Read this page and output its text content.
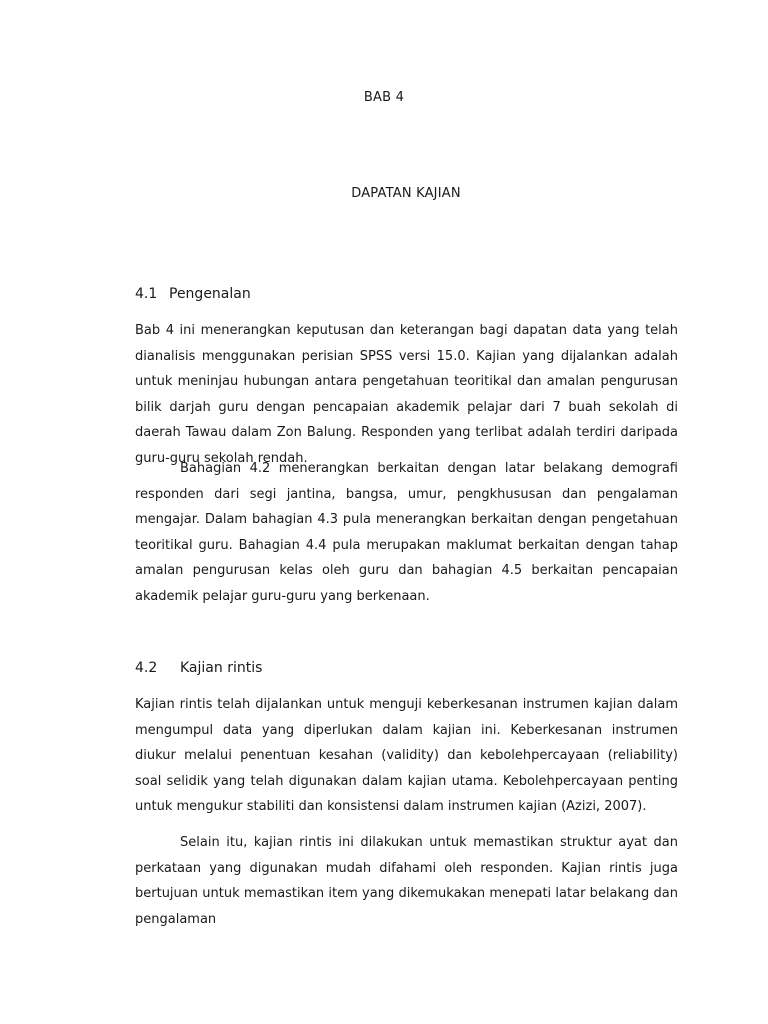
BAB 4

DAPATAN KAJIAN

4.1 Pengenalan

Bab 4 ini menerangkan keputusan dan keterangan bagi dapatan data yang telah dianalisis menggunakan perisian SPSS versi 15.0. Kajian yang dijalankan adalah untuk meninjau hubungan antara pengetahuan teoritikal dan amalan pengurusan bilik darjah guru dengan pencapaian akademik pelajar dari 7 buah sekolah di daerah Tawau dalam Zon Balung. Responden yang terlibat adalah terdiri daripada guru-guru sekolah rendah.

Bahagian 4.2 menerangkan berkaitan dengan latar belakang demografi responden dari segi jantina, bangsa, umur, pengkhususan dan pengalaman mengajar. Dalam bahagian 4.3 pula menerangkan berkaitan dengan pengetahuan teoritikal guru. Bahagian 4.4 pula merupakan maklumat berkaitan dengan tahap amalan pengurusan kelas oleh guru dan bahagian 4.5 berkaitan pencapaian akademik pelajar guru-guru yang berkenaan.

4.2 Kajian rintis

Kajian rintis telah dijalankan untuk menguji keberkesanan instrumen kajian dalam mengumpul data yang diperlukan dalam kajian ini. Keberkesanan instrumen diukur melalui penentuan kesahan (validity) dan kebolehpercayaan (reliability) soal selidik yang telah digunakan dalam kajian utama. Kebolehpercayaan penting untuk mengukur stabiliti dan konsistensi dalam instrumen kajian (Azizi, 2007).

Selain itu, kajian rintis ini dilakukan untuk memastikan struktur ayat dan perkataan yang digunakan mudah difahami oleh responden. Kajian rintis juga bertujuan untuk memastikan item yang dikemukakan menepati latar belakang dan pengalaman
